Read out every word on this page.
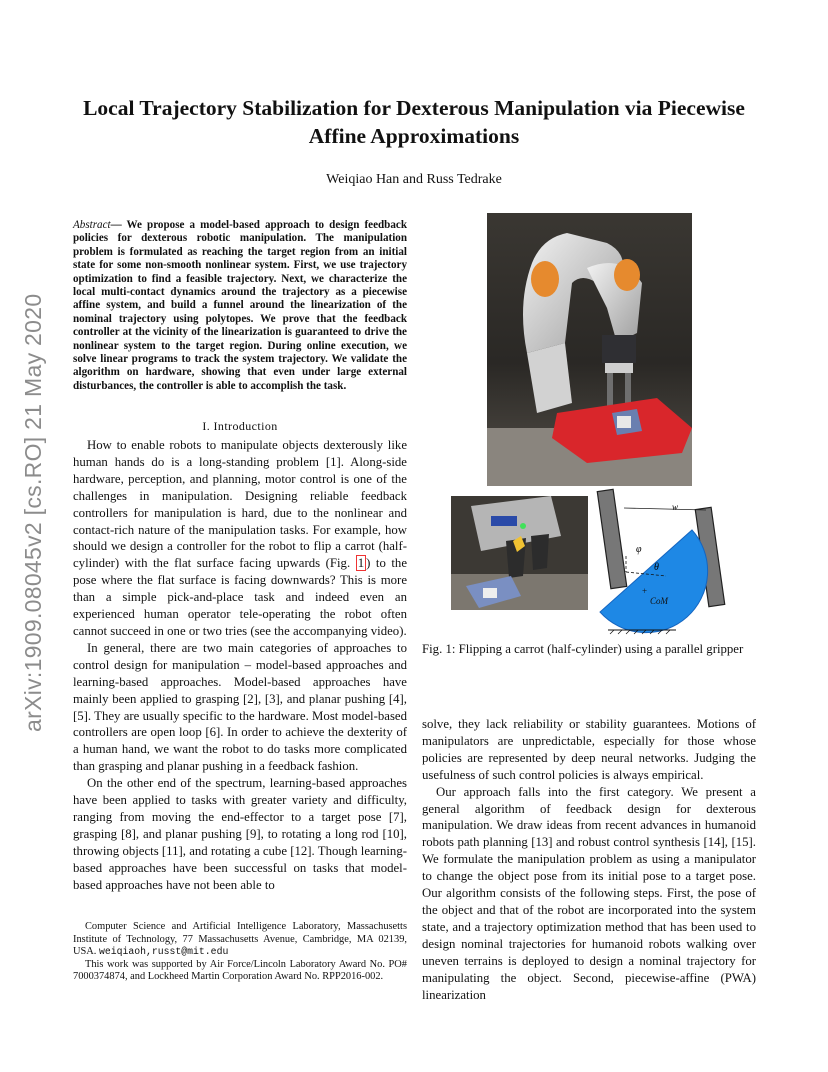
Local Trajectory Stabilization for Dexterous Manipulation via Piecewise Affine Approximations
Weiqiao Han and Russ Tedrake
arXiv:1909.08045v2 [cs.RO] 21 May 2020
Abstract— We propose a model-based approach to design feedback policies for dexterous robotic manipulation. The manipulation problem is formulated as reaching the target region from an initial state for some non-smooth nonlinear system. First, we use trajectory optimization to find a feasible trajectory. Next, we characterize the local multi-contact dynamics around the trajectory as a piecewise affine system, and build a funnel around the linearization of the nominal trajectory using polytopes. We prove that the feedback controller at the vicinity of the linearization is guaranteed to drive the nonlinear system to the target region. During online execution, we solve linear programs to track the system trajectory. We validate the algorithm on hardware, showing that even under large external disturbances, the controller is able to accomplish the task.
I. Introduction

How to enable robots to manipulate objects dexterously like human hands do is a long-standing problem [1]. Along-side hardware, perception, and planning, motor control is one of the challenges in manipulation. Designing reliable feedback controllers for manipulation is hard, due to the nonlinear and contact-rich nature of the manipulation tasks. For example, how should we design a controller for the robot to flip a carrot (half-cylinder) with the flat surface facing upwards (Fig. 1 ) to the pose where the flat surface is facing downwards? This is more than a simple pick-and-place task and indeed even an experienced human operator tele-operating the robot often cannot succeed in one or two tries (see the accompanying video).

In general, there are two main categories of approaches to control design for manipulation – model-based approaches and learning-based approaches. Model-based approaches have mainly been applied to grasping [2], [3], and planar pushing [4], [5]. They are usually specific to the hardware. Most model-based controllers are open loop [6]. In order to achieve the dexterity of a human hand, we want the robot to do tasks more complicated than grasping and planar pushing in a feedback fashion.

On the other end of the spectrum, learning-based approaches have been applied to tasks with greater variety and difficulty, ranging from moving the end-effector to a target pose [7], grasping [8], and planar pushing [9], to rotating a long rod [10], throwing objects [11], and rotating a cube [12]. Though learning-based approaches have been successful on tasks that model-based approaches have not been able to

Computer Science and Artificial Intelligence Laboratory, Massachusetts Institute of Technology, 77 Massachusetts Avenue, Cambridge, MA 02139, USA. weiqiaoh,russt@mit.edu

This work was supported by Air Force/Lincoln Laboratory Award No. PO# 7000374874, and Lockheed Martin Corporation Award No. RPP2016-002.

w
φ
θ
CoM
+
Fig. 1: Flipping a carrot (half-cylinder) using a parallel gripper

solve, they lack reliability or stability guarantees. Motions of manipulators are unpredictable, especially for those whose policies are represented by deep neural networks. Judging the usefulness of such control policies is always empirical.

Our approach falls into the first category. We present a general algorithm of feedback design for dexterous manipulation. We draw ideas from recent advances in humanoid robots path planning [13] and robust control synthesis [14], [15]. We formulate the manipulation problem as using a manipulator to change the object pose from its initial pose to a target pose. Our algorithm consists of the following steps. First, the pose of the object and that of the robot are incorporated into the system state, and a trajectory optimization method that has been used to design nominal trajectories for humanoid robots walking over uneven terrains is deployed to design a nominal trajectory for manipulating the object. Second, piecewise-affine (PWA) linearization
